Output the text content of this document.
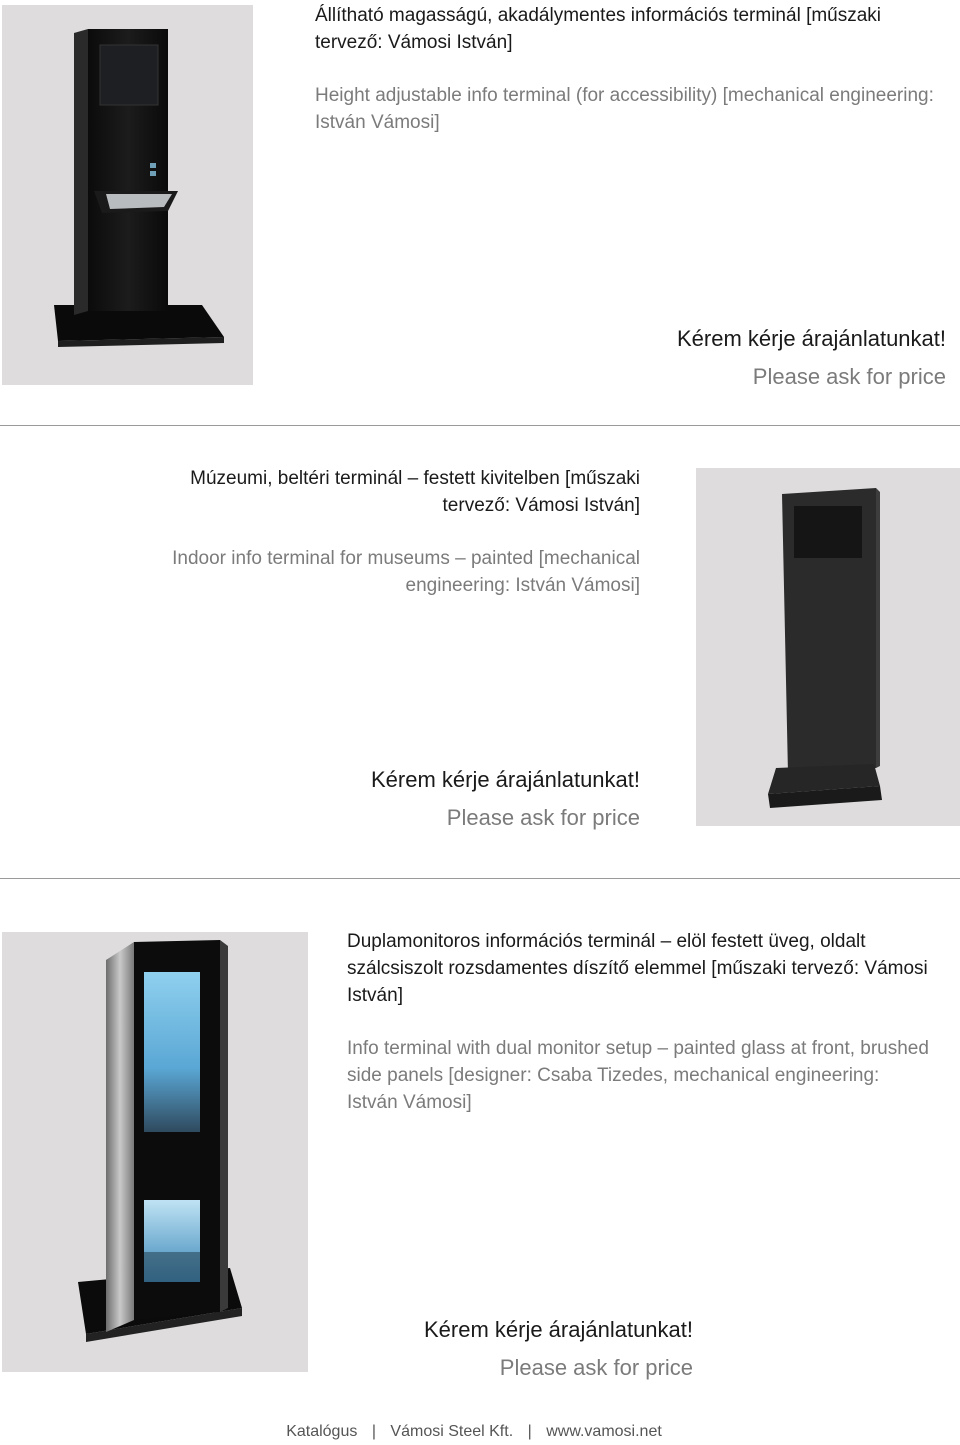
Állítható magasságú, akadálymentes információs terminál [műszaki tervező: Vámosi István]
Height adjustable info terminal (for accessibility) [mechanical engineering: István Vámosi]
Kérem kérje árajánlatunkat!
Please ask for price
Múzeumi, beltéri terminál – festett kivitelben [műszaki tervező: Vámosi István]
Indoor info terminal for museums – painted [mechanical engineering: István Vámosi]
Kérem kérje árajánlatunkat!
Please ask for price
Duplamonitoros információs terminál – elöl festett üveg, oldalt szálcsiszolt rozsdamentes díszítő elemmel [műszaki tervező: Vámosi István]
Info terminal with dual monitor setup – painted glass at front, brushed side panels [designer: Csaba Tizedes, mechanical engineering: István Vámosi]
Kérem kérje árajánlatunkat!
Please ask for price
Katalógus | Vámosi Steel Kft. | www.vamosi.net
